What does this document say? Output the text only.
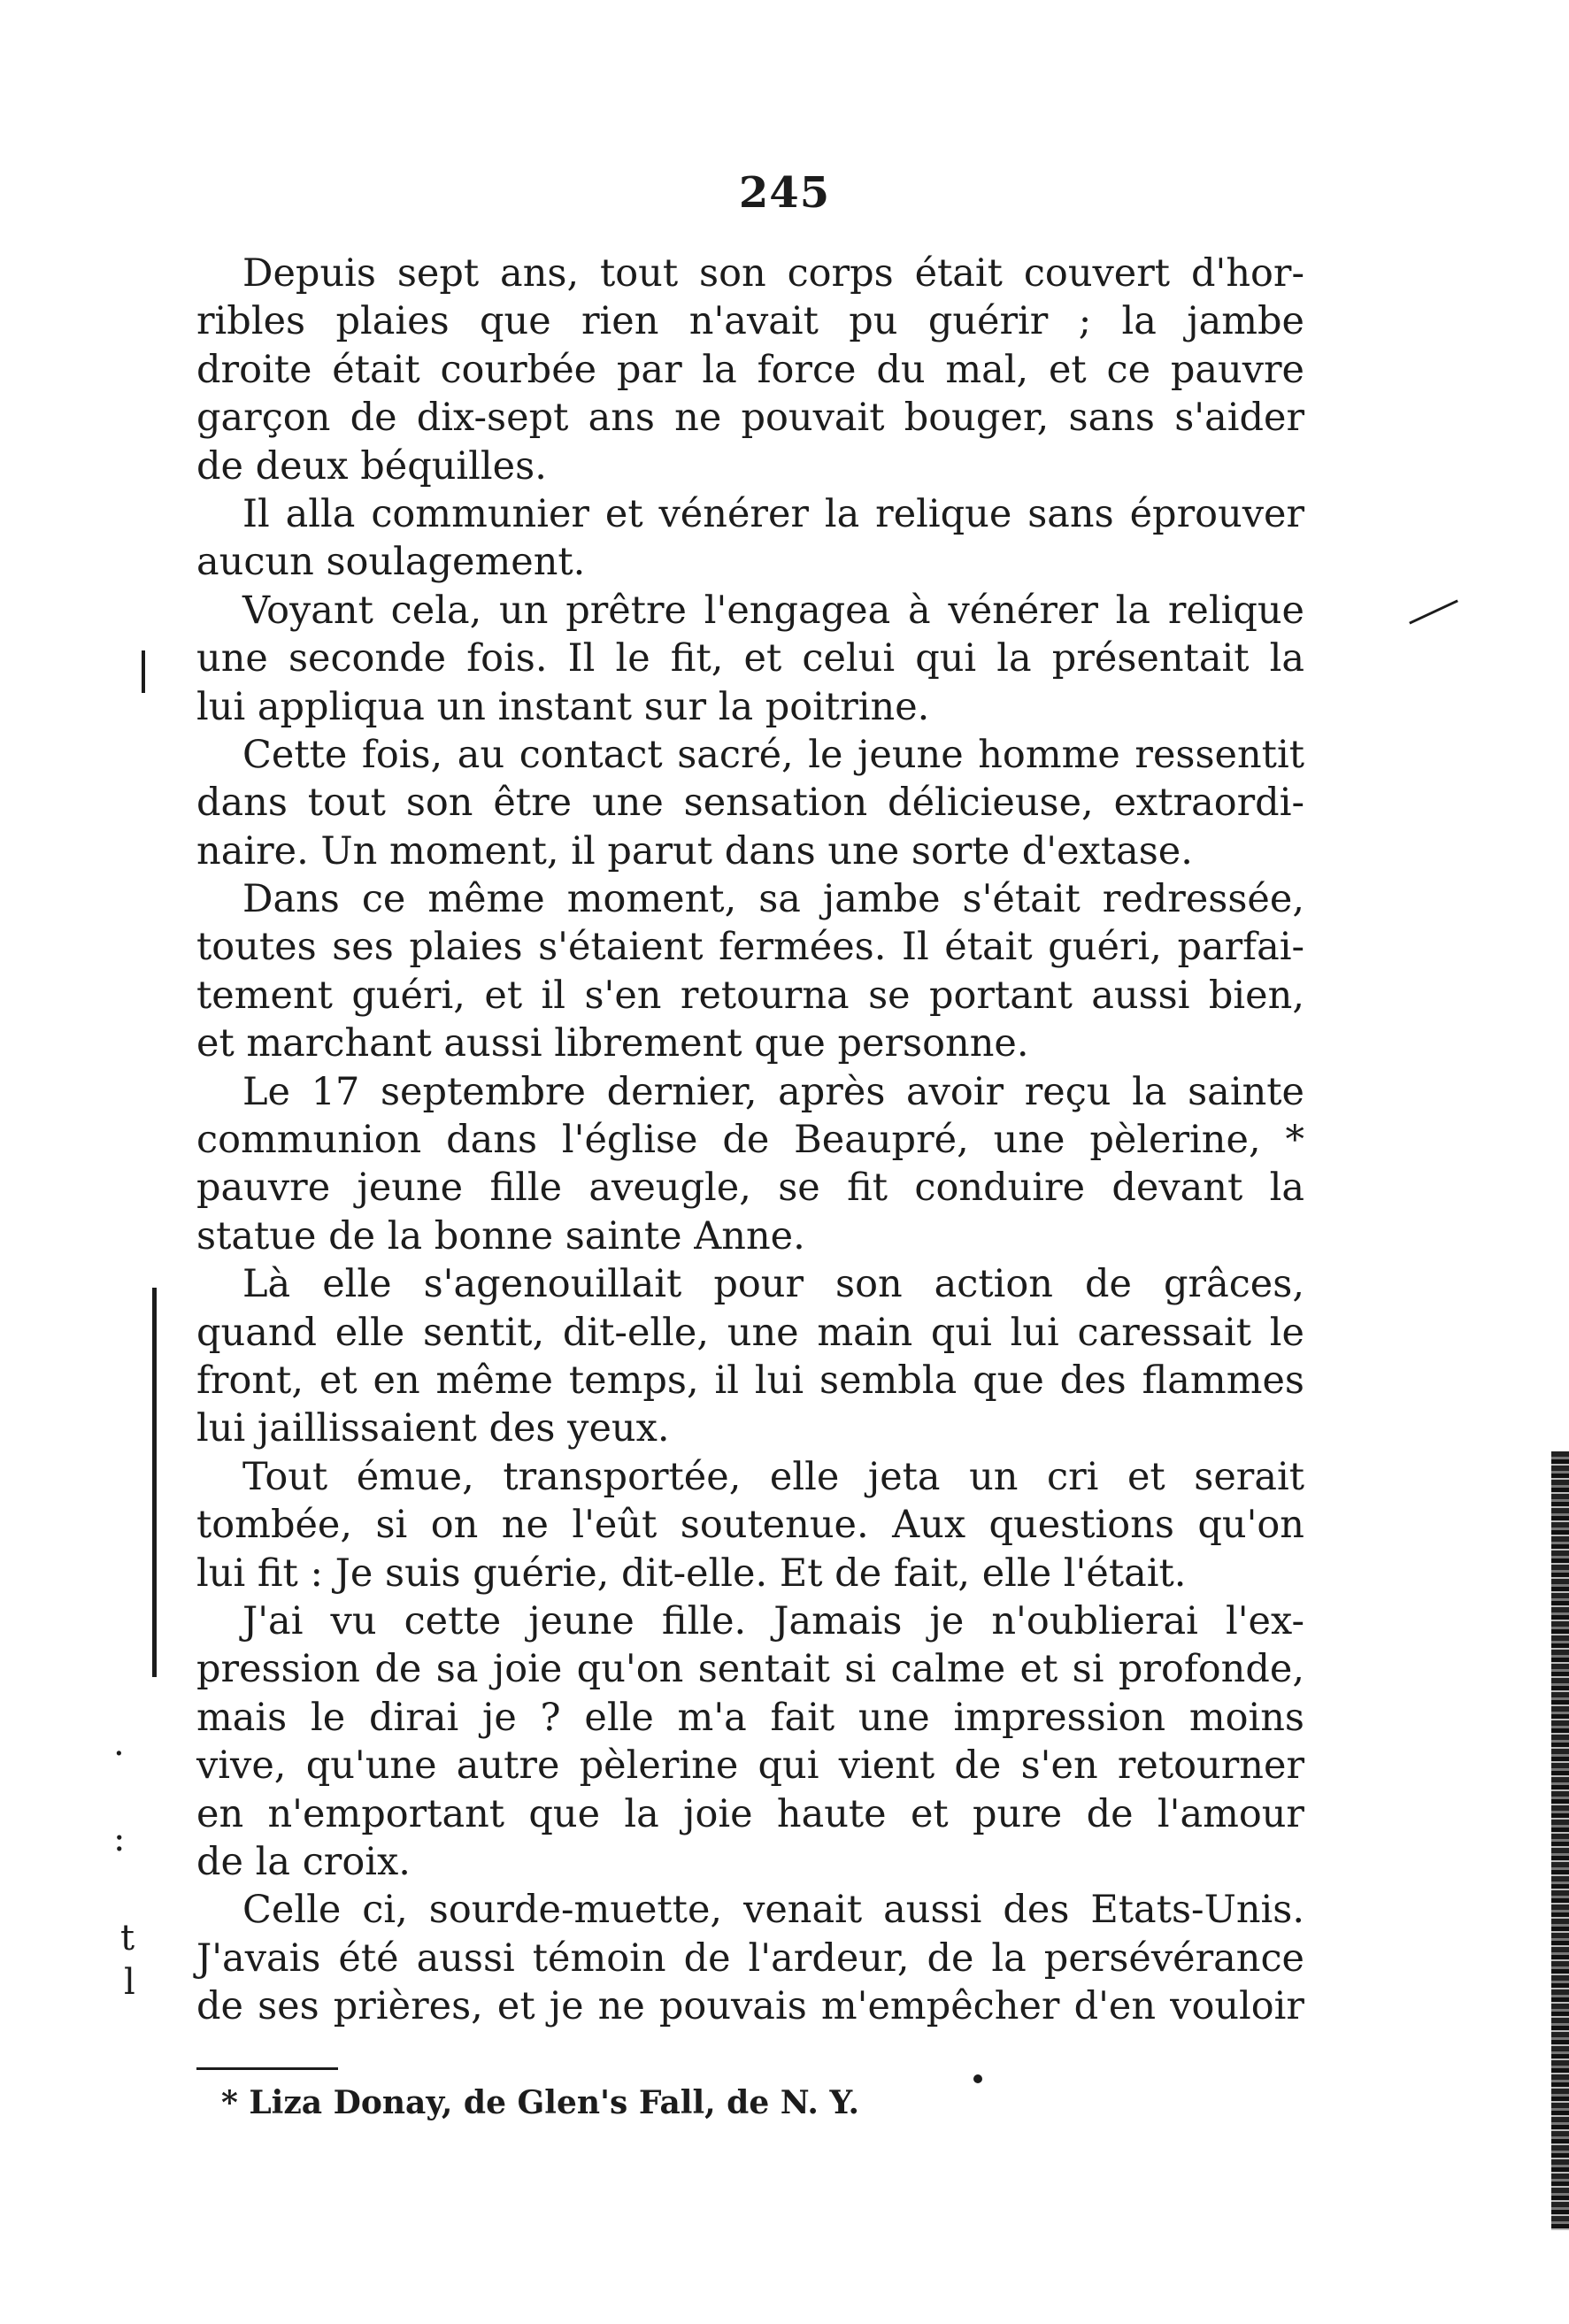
245
Depuis sept ans, tout son corps était couvert d'hor-
ribles plaies que rien n'avait pu guérir ; la jambe
droite était courbée par la force du mal, et ce pauvre
garçon de dix-sept ans ne pouvait bouger, sans s'aider
de deux béquilles.
Il alla communier et vénérer la relique sans éprouver
aucun soulagement.
Voyant cela, un prêtre l'engagea à vénérer la relique
une seconde fois. Il le fit, et celui qui la présentait la
lui appliqua un instant sur la poitrine.
Cette fois, au contact sacré, le jeune homme ressentit
dans tout son être une sensation délicieuse, extraordi-
naire. Un moment, il parut dans une sorte d'extase.
Dans ce même moment, sa jambe s'était redressée,
toutes ses plaies s'étaient fermées. Il était guéri, parfai-
tement guéri, et il s'en retourna se portant aussi bien,
et marchant aussi librement que personne.
Le 17 septembre dernier, après avoir reçu la sainte
communion dans l'église de Beaupré, une pèlerine, *
pauvre jeune fille aveugle, se fit conduire devant la
statue de la bonne sainte Anne.
Là elle s'agenouillait pour son action de grâces,
quand elle sentit, dit-elle, une main qui lui caressait le
front, et en même temps, il lui sembla que des flammes
lui jaillissaient des yeux.
Tout émue, transportée, elle jeta un cri et serait
tombée, si on ne l'eût soutenue. Aux questions qu'on
lui fit : Je suis guérie, dit-elle. Et de fait, elle l'était.
J'ai vu cette jeune fille. Jamais je n'oublierai l'ex-
pression de sa joie qu'on sentait si calme et si profonde,
mais le dirai je ? elle m'a fait une impression moins
vive, qu'une autre pèlerine qui vient de s'en retourner
en n'emportant que la joie haute et pure de l'amour
de la croix.
Celle ci, sourde-muette, venait aussi des Etats-Unis.
J'avais été aussi témoin de l'ardeur, de la persévérance
de ses prières, et je ne pouvais m'empêcher d'en vouloir
* Liza Donay, de Glen's Fall, de N. Y.
.
:
t
l
